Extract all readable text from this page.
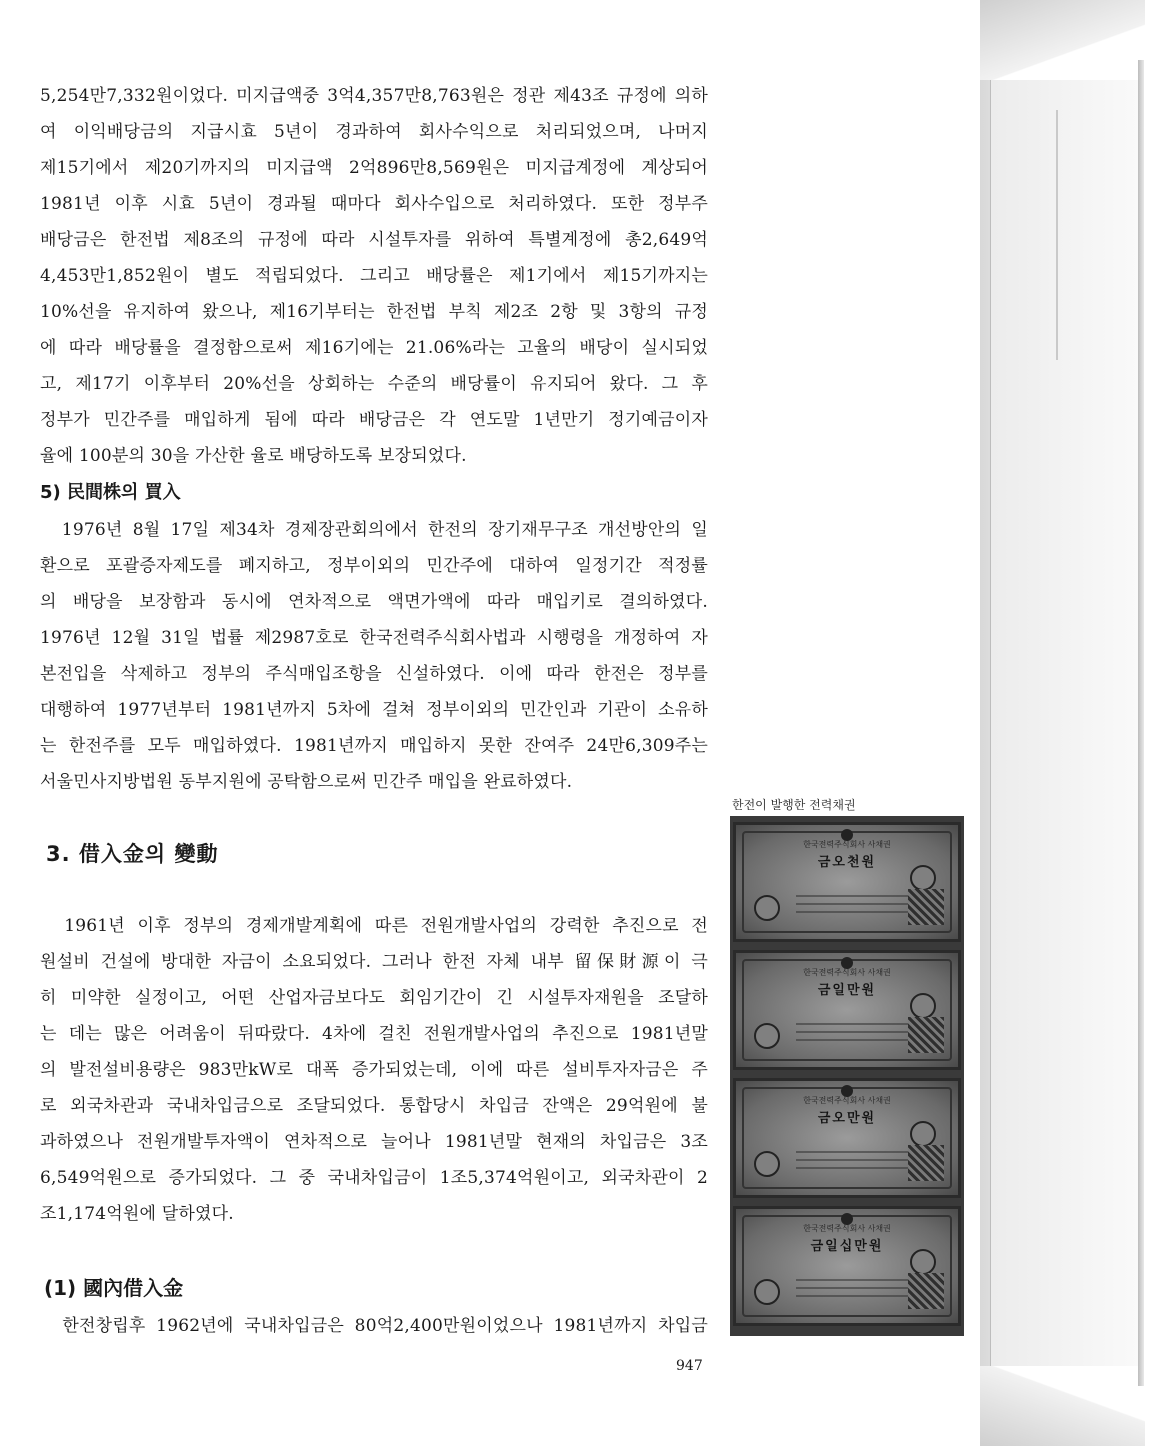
5,254만7,332원이었다. 미지급액중 3억4,357만8,763원은 정관 제43조 규정에 의하
여 이익배당금의 지급시효 5년이 경과하여 회사수익으로 처리되었으며, 나머지
제15기에서 제20기까지의 미지급액 2억896만8,569원은 미지급계정에 계상되어
1981년 이후 시효 5년이 경과될 때마다 회사수입으로 처리하였다. 또한 정부주
배당금은 한전법 제8조의 규정에 따라 시설투자를 위하여 특별계정에 총2,649억
4,453만1,852원이 별도 적립되었다. 그리고 배당률은 제1기에서 제15기까지는
10%선을 유지하여 왔으나, 제16기부터는 한전법 부칙 제2조 2항 및 3항의 규정
에 따라 배당률을 결정함으로써 제16기에는 21.06%라는 고율의 배당이 실시되었
고, 제17기 이후부터 20%선을 상회하는 수준의 배당률이 유지되어 왔다. 그 후
정부가 민간주를 매입하게 됨에 따라 배당금은 각 연도말 1년만기 정기예금이자
율에 100분의 30을 가산한 율로 배당하도록 보장되었다.
5) 民間株의 買入
　1976년 8월 17일 제34차 경제장관회의에서 한전의 장기재무구조 개선방안의 일
환으로 포괄증자제도를 폐지하고, 정부이외의 민간주에 대하여 일정기간 적정률
의 배당을 보장함과 동시에 연차적으로 액면가액에 따라 매입키로 결의하였다.
1976년 12월 31일 법률 제2987호로 한국전력주식회사법과 시행령을 개정하여 자
본전입을 삭제하고 정부의 주식매입조항을 신설하였다. 이에 따라 한전은 정부를
대행하여 1977년부터 1981년까지 5차에 걸쳐 정부이외의 민간인과 기관이 소유하
는 한전주를 모두 매입하였다. 1981년까지 매입하지 못한 잔여주 24만6,309주는
서울민사지방법원 동부지원에 공탁함으로써 민간주 매입을 완료하였다.
3. 借入金의 變動
　1961년 이후 정부의 경제개발계획에 따른 전원개발사업의 강력한 추진으로 전
원설비 건설에 방대한 자금이 소요되었다. 그러나 한전 자체 내부 留保財源이 극
히 미약한 실정이고, 어떤 산업자금보다도 회임기간이 긴 시설투자재원을 조달하
는 데는 많은 어려움이 뒤따랐다. 4차에 걸친 전원개발사업의 추진으로 1981년말
의 발전설비용량은 983만kW로 대폭 증가되었는데, 이에 따른 설비투자자금은 주
로 외국차관과 국내차입금으로 조달되었다. 통합당시 차입금 잔액은 29억원에 불
과하였으나 전원개발투자액이 연차적으로 늘어나 1981년말 현재의 차입금은 3조
6,549억원으로 증가되었다. 그 중 국내차입금이 1조5,374억원이고, 외국차관이 2
조1,174억원에 달하였다.
(1) 國內借入金
　한전창립후 1962년에 국내차입금은 80억2,400만원이었으나 1981년까지 차입금
947
한전이 발행한 전력채권
한국전력주식회사 사채권
금오천원
한국전력주식회사 사채권
금일만원
한국전력주식회사 사채권
금오만원
한국전력주식회사 사채권
금일십만원
